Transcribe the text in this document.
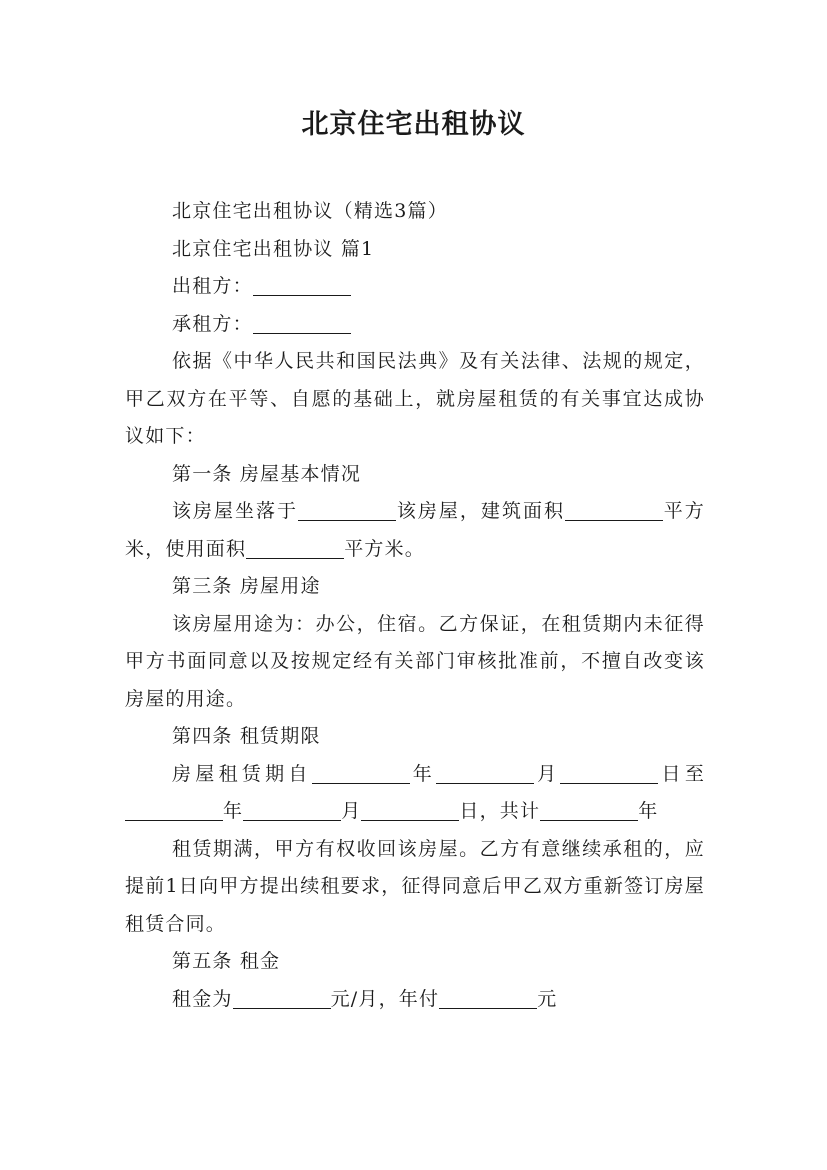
北京住宅出租协议

北京住宅出租协议（精选3篇）

北京住宅出租协议 篇1

出租方：

承租方：

依据《中华人民共和国民法典》及有关法律、法规的规定，甲乙双方在平等、自愿的基础上，就房屋租赁的有关事宜达成协议如下：

第一条 房屋基本情况

该房屋坐落于	该房屋，建筑面积	平方米，使用面积	平方米。

第三条 房屋用途

该房屋用途为：办公，住宿。乙方保证，在租赁期内未征得甲方书面同意以及按规定经有关部门审核批准前，不擅自改变该房屋的用途。

第四条 租赁期限

房屋租赁期自	年	月	日至年	月	日，共计	年

租赁期满，甲方有权收回该房屋。乙方有意继续承租的，应提前1日向甲方提出续租要求，征得同意后甲乙双方重新签订房屋租赁合同。

第五条 租金

租金为	元/月，年付	元
